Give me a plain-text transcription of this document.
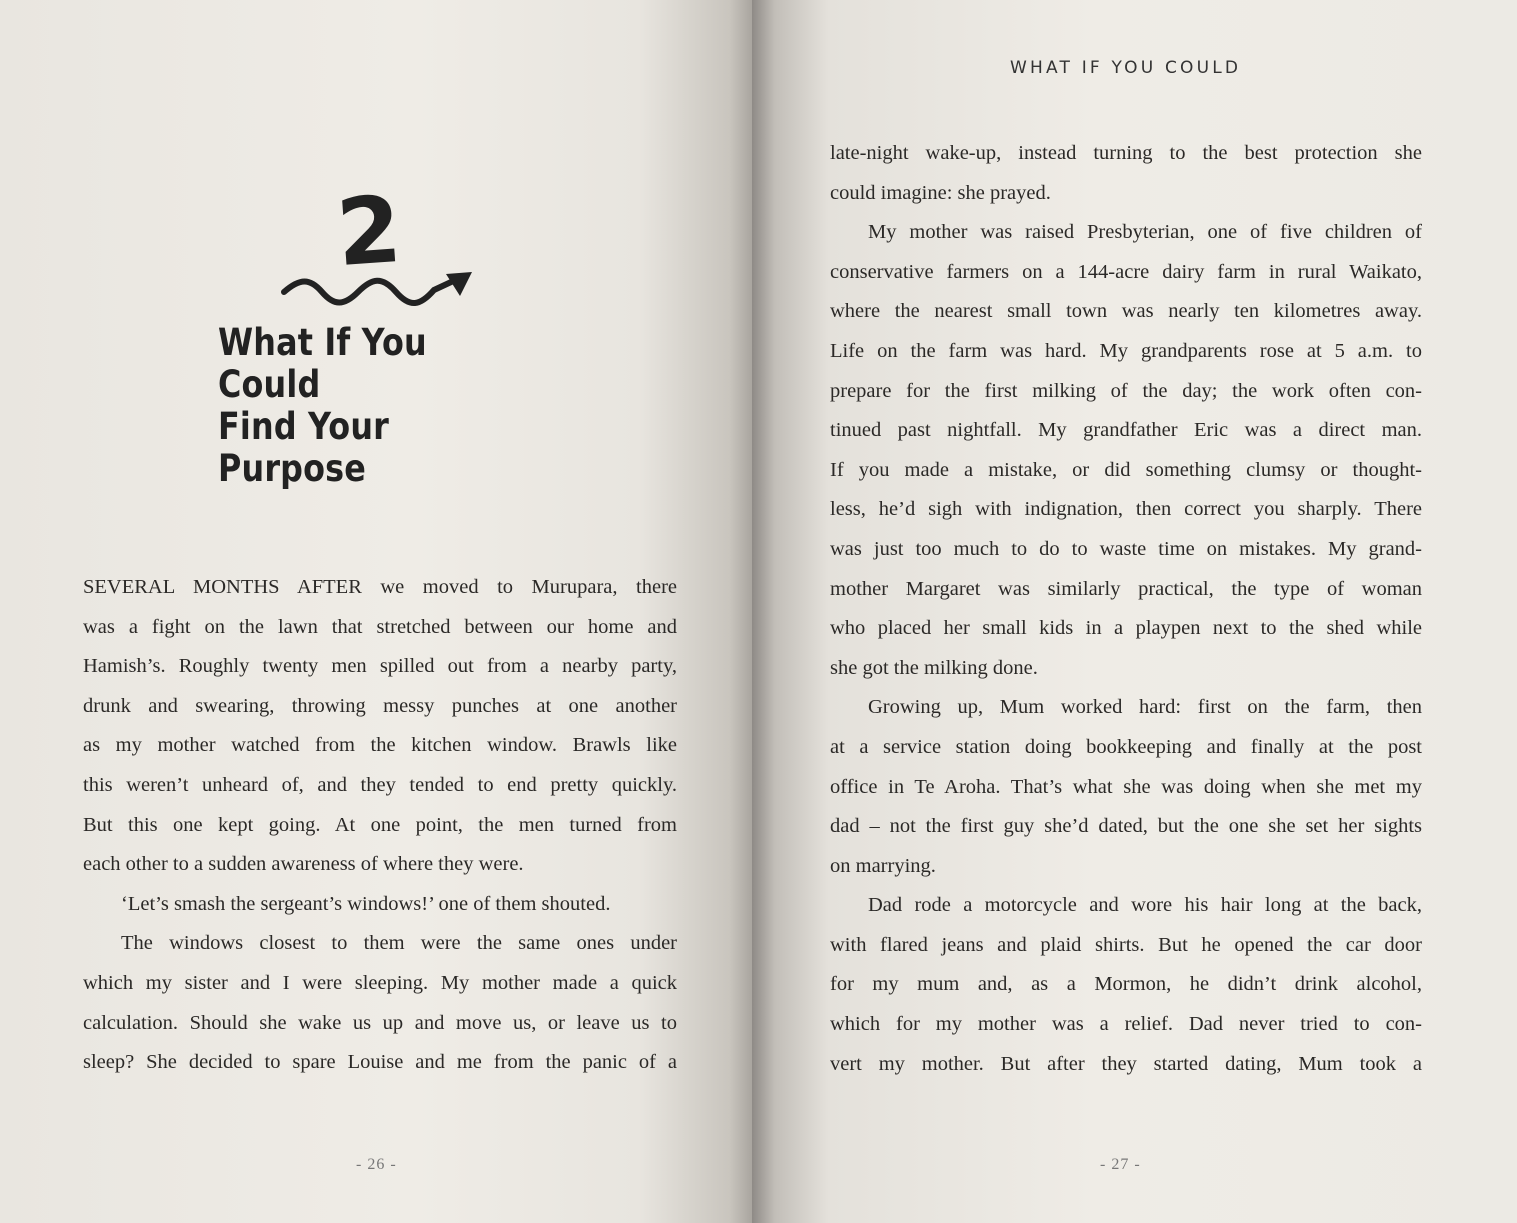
2
What If You Could
Find Your Purpose
SEVERAL MONTHS AFTER we moved to Murupara, there
was a fight on the lawn that stretched between our home and
Hamish’s. Roughly twenty men spilled out from a nearby party,
drunk and swearing, throwing messy punches at one another
as my mother watched from the kitchen window. Brawls like
this weren’t unheard of, and they tended to end pretty quickly.
But this one kept going. At one point, the men turned from
each other to a sudden awareness of where they were.
‘Let’s smash the sergeant’s windows!’ one of them shouted.
The windows closest to them were the same ones under
which my sister and I were sleeping. My mother made a quick
calculation. Should she wake us up and move us, or leave us to
sleep? She decided to spare Louise and me from the panic of a
- 26 -
late-night wake-up, instead turning to the best protection she
could imagine: she prayed.
My mother was raised Presbyterian, one of five children of
conservative farmers on a 144-acre dairy farm in rural Waikato,
where the nearest small town was nearly ten kilometres away.
Life on the farm was hard. My grandparents rose at 5 a.m. to
prepare for the first milking of the day; the work often con-
tinued past nightfall. My grandfather Eric was a direct man.
If you made a mistake, or did something clumsy or thought-
less, he’d sigh with indignation, then correct you sharply. There
was just too much to do to waste time on mistakes. My grand-
mother Margaret was similarly practical, the type of woman
who placed her small kids in a playpen next to the shed while
she got the milking done.
Growing up, Mum worked hard: first on the farm, then
at a service station doing bookkeeping and finally at the post
office in Te Aroha. That’s what she was doing when she met my
dad – not the first guy she’d dated, but the one she set her sights
on marrying.
Dad rode a motorcycle and wore his hair long at the back,
with flared jeans and plaid shirts. But he opened the car door
for my mum and, as a Mormon, he didn’t drink alcohol,
which for my mother was a relief. Dad never tried to con-
vert my mother. But after they started dating, Mum took a
- 27 -
WHAT IF YOU COULD
